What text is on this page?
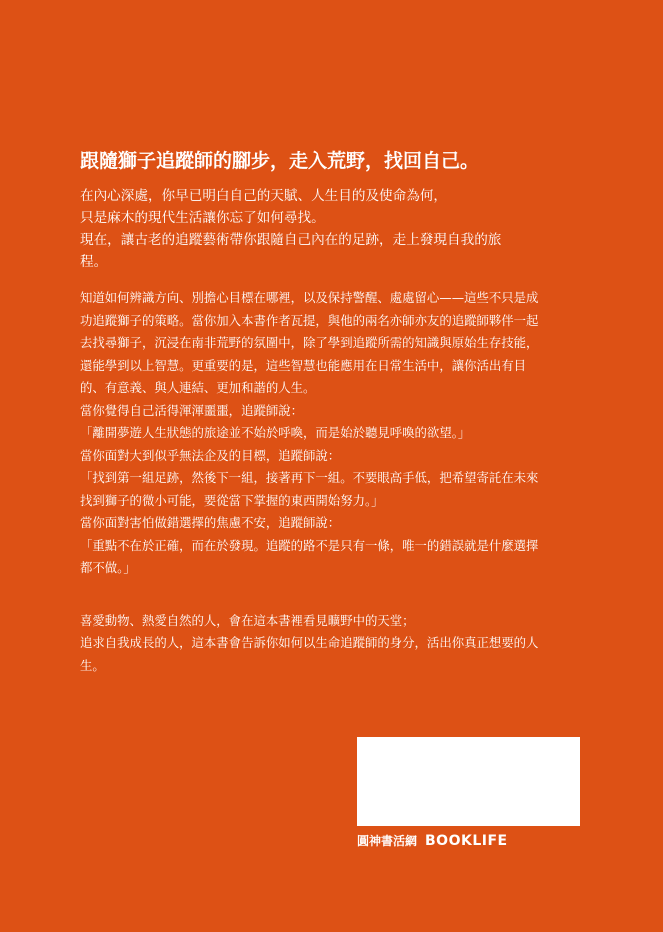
跟隨獅子追蹤師的腳步，走入荒野，找回自己。
在內心深處，你早已明白自己的天賦、人生目的及使命為何，
只是麻木的現代生活讓你忘了如何尋找。
現在，讓古老的追蹤藝術帶你跟隨自己內在的足跡，走上發現自我的旅
程。
知道如何辨識方向、別擔心目標在哪裡，以及保持警醒、處處留心——這些不只是成
功追蹤獅子的策略。當你加入本書作者瓦提，與他的兩名亦師亦友的追蹤師夥伴一起
去找尋獅子，沉浸在南非荒野的氛圍中，除了學到追蹤所需的知識與原始生存技能，
還能學到以上智慧。更重要的是，這些智慧也能應用在日常生活中，讓你活出有目
的、有意義、與人連結、更加和諧的人生。
當你覺得自己活得渾渾噩噩，追蹤師說：
「離開夢遊人生狀態的旅途並不始於呼喚，而是始於聽見呼喚的欲望。」
當你面對大到似乎無法企及的目標，追蹤師說：
「找到第一組足跡，然後下一組，接著再下一組。不要眼高手低，把希望寄託在未來
找到獅子的微小可能，要從當下掌握的東西開始努力。」
當你面對害怕做錯選擇的焦慮不安，追蹤師說：
「重點不在於正確，而在於發現。追蹤的路不是只有一條，唯一的錯誤就是什麼選擇
都不做。」
喜愛動物、熱愛自然的人，會在這本書裡看見曠野中的天堂；
追求自我成長的人，這本書會告訴你如何以生命追蹤師的身分，活出你真正想要的人
生。
圓神書活網 BOOKLIFE
